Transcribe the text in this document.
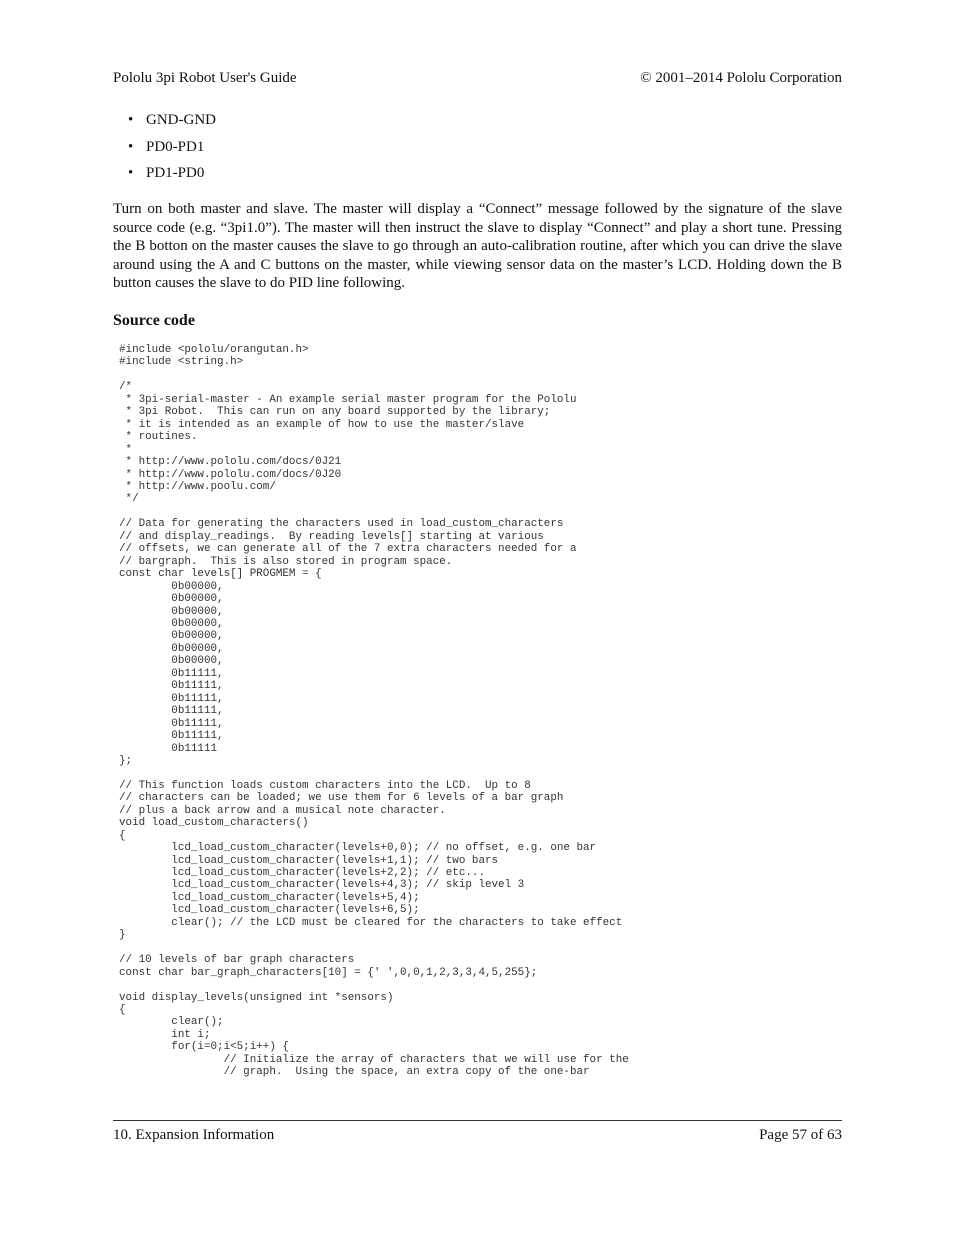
Pololu 3pi Robot User's Guide	© 2001–2014 Pololu Corporation
• GND-GND
• PD0-PD1
• PD1-PD0

Turn on both master and slave. The master will display a “Connect” message followed by the signature of the slave source code (e.g. “3pi1.0”). The master will then instruct the slave to display “Connect” and play a short tune. Pressing the B botton on the master causes the slave to go through an auto-calibration routine, after which you can drive the slave around using the A and C buttons on the master, while viewing sensor data on the master’s LCD. Holding down the B button causes the slave to do PID line following.

Source code
#include <pololu/orangutan.h>
#include <string.h>

/*
* 3pi-serial-master - An example serial master program for the Pololu
* 3pi Robot.  This can run on any board supported by the library;
* it is intended as an example of how to use the master/slave
* routines.
*
* http://www.pololu.com/docs/0J21
* http://www.pololu.com/docs/0J20
* http://www.poolu.com/
*/

// Data for generating the characters used in load_custom_characters
// and display_readings.  By reading levels[] starting at various
// offsets, we can generate all of the 7 extra characters needed for a
// bargraph.  This is also stored in program space.
const char levels[] PROGMEM = {
0b00000,
0b00000,
0b00000,
0b00000,
0b00000,
0b00000,
0b00000,
0b11111,
0b11111,
0b11111,
0b11111,
0b11111,
0b11111,
0b11111
};

// This function loads custom characters into the LCD.  Up to 8
// characters can be loaded; we use them for 6 levels of a bar graph
// plus a back arrow and a musical note character.
void load_custom_characters()
{
lcd_load_custom_character(levels+0,0); // no offset, e.g. one bar
lcd_load_custom_character(levels+1,1); // two bars
lcd_load_custom_character(levels+2,2); // etc...
lcd_load_custom_character(levels+4,3); // skip level 3
lcd_load_custom_character(levels+5,4);
lcd_load_custom_character(levels+6,5);
clear(); // the LCD must be cleared for the characters to take effect
}

// 10 levels of bar graph characters
const char bar_graph_characters[10] = {' ',0,0,1,2,3,3,4,5,255};

void display_levels(unsigned int *sensors)
{
clear();
int i;
for(i=0;i<5;i++) {
// Initialize the array of characters that we will use for the
// graph.  Using the space, an extra copy of the one-bar
10. Expansion Information	Page 57 of 63
